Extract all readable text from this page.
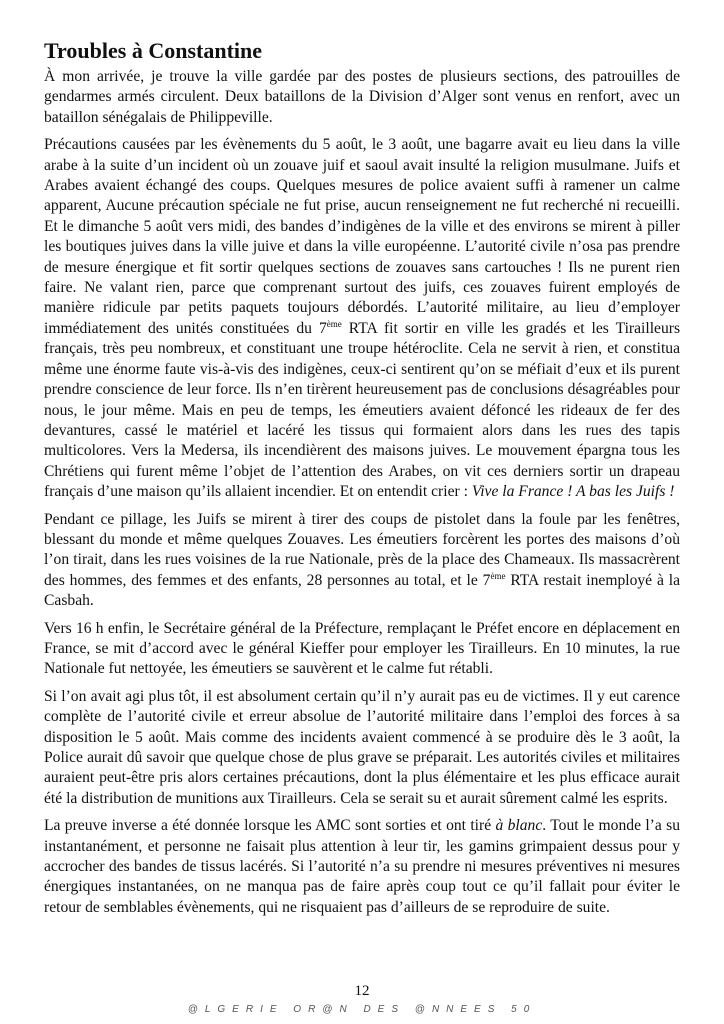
Troubles à Constantine

À mon arrivée, je trouve la ville gardée par des postes de plusieurs sections, des patrouilles de gendarmes armés circulent. Deux bataillons de la Division d’Alger sont venus en renfort, avec un bataillon sénégalais de Philippeville.

Précautions causées par les évènements du 5 août, le 3 août, une bagarre avait eu lieu dans la ville arabe à la suite d’un incident où un zouave juif et saoul avait insulté la religion musulmane. Juifs et Arabes avaient échangé des coups. Quelques mesures de police avaient suffi à ramener un calme apparent, Aucune précaution spéciale ne fut prise, aucun renseignement ne fut recherché ni recueilli. Et le dimanche 5 août vers midi, des bandes d’indigènes de la ville et des environs se mirent à piller les boutiques juives dans la ville juive et dans la ville européenne. L’autorité civile n’osa pas prendre de mesure énergique et fit sortir quelques sections de zouaves sans cartouches ! Ils ne purent rien faire. Ne valant rien, parce que comprenant surtout des juifs, ces zouaves fuirent employés de manière ridicule par petits paquets toujours débordés. L’autorité militaire, au lieu d’employer immédiatement des unités constituées du 7ème RTA fit sortir en ville les gradés et les Tirailleurs français, très peu nombreux, et constituant une troupe hétéroclite. Cela ne servit à rien, et constitua même une énorme faute vis-à-vis des indigènes, ceux-ci sentirent qu’on se méfiait d’eux et ils purent prendre conscience de leur force. Ils n’en tirèrent heureusement pas de conclusions désagréables pour nous, le jour même. Mais en peu de temps, les émeutiers avaient défoncé les rideaux de fer des devantures, cassé le matériel et lacéré les tissus qui formaient alors dans les rues des tapis multicolores. Vers la Medersa, ils incendièrent des maisons juives. Le mouvement épargna tous les Chrétiens qui furent même l’objet de l’attention des Arabes, on vit ces derniers sortir un drapeau français d’une maison qu’ils allaient incendier. Et on entendit crier : Vive la France ! A bas les Juifs !

Pendant ce pillage, les Juifs se mirent à tirer des coups de pistolet dans la foule par les fenêtres, blessant du monde et même quelques Zouaves. Les émeutiers forcèrent les portes des maisons d’où l’on tirait, dans les rues voisines de la rue Nationale, près de la place des Chameaux. Ils massacrèrent des hommes, des femmes et des enfants, 28 personnes au total, et le 7ème RTA restait inemployé à la Casbah.

Vers 16 h enfin, le Secrétaire général de la Préfecture, remplaçant le Préfet encore en déplacement en France, se mit d’accord avec le général Kieffer pour employer les Tirailleurs. En 10 minutes, la rue Nationale fut nettoyée, les émeutiers se sauvèrent et le calme fut rétabli.

Si l’on avait agi plus tôt, il est absolument certain qu’il n’y aurait pas eu de victimes. Il y eut carence complète de l’autorité civile et erreur absolue de l’autorité militaire dans l’emploi des forces à sa disposition le 5 août. Mais comme des incidents avaient commencé à se produire dès le 3 août, la Police aurait dû savoir que quelque chose de plus grave se préparait. Les autorités civiles et militaires auraient peut-être pris alors certaines précautions, dont la plus élémentaire et les plus efficace aurait été la distribution de munitions aux Tirailleurs. Cela se serait su et aurait sûrement calmé les esprits.

La preuve inverse a été donnée lorsque les AMC sont sorties et ont tiré à blanc. Tout le monde l’a su instantanément, et personne ne faisait plus attention à leur tir, les gamins grimpaient dessus pour y accrocher des bandes de tissus lacérés. Si l’autorité n’a su prendre ni mesures préventives ni mesures énergiques instantanées, on ne manqua pas de faire après coup tout ce qu’il fallait pour éviter le retour de semblables évènements, qui ne risquaient pas d’ailleurs de se reproduire de suite.

12
@LGERIE OR@N DES @NNEES 50
